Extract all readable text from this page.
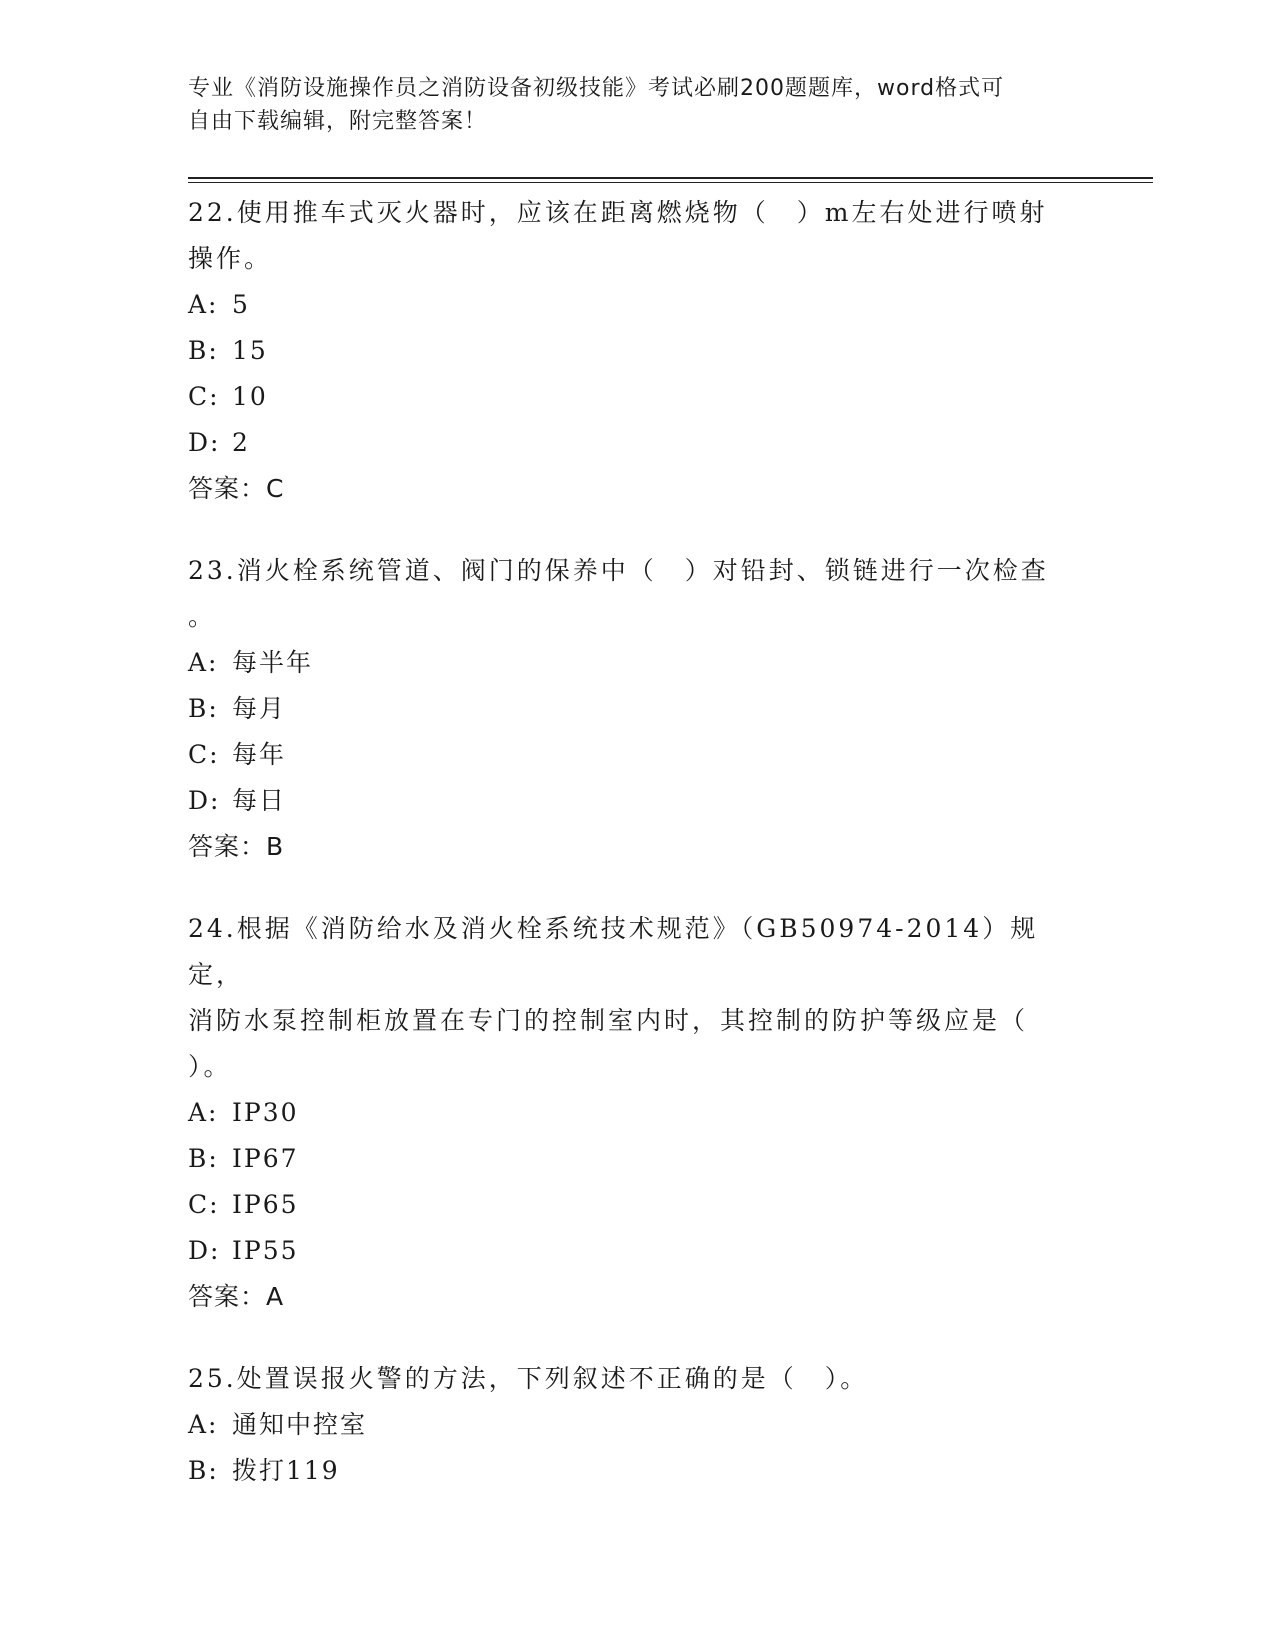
专业《消防设施操作员之消防设备初级技能》考试必刷200题题库，word格式可
自由下载编辑，附完整答案！

22.使用推车式灭火器时，应该在距离燃烧物（　）m左右处进行喷射

操作。

A: 5

B: 15

C: 10

D: 2

答案：C

23.消火栓系统管道、阀门的保养中（　）对铅封、锁链进行一次检查

。

A: 每半年

B: 每月

C: 每年

D: 每日

答案：B

24.根据《消防给水及消火栓系统技术规范》（GB50974-2014）规定，

消防水泵控制柜放置在专门的控制室内时，其控制的防护等级应是（

）。

A: IP30

B: IP67

C: IP65

D: IP55

答案：A

25.处置误报火警的方法，下列叙述不正确的是（　）。

A: 通知中控室

B: 拨打119
